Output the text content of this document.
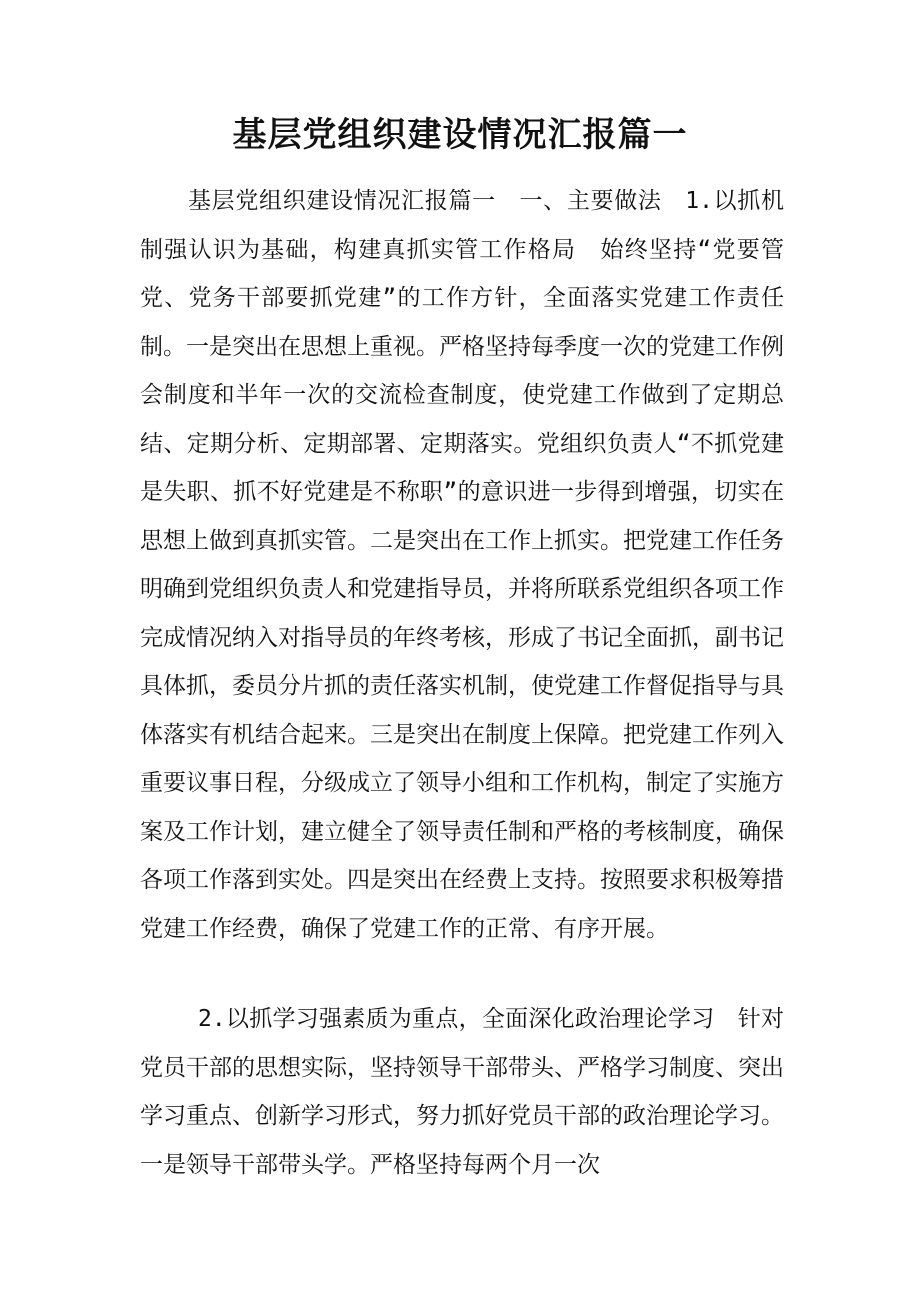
基层党组织建设情况汇报篇一

基层党组织建设情况汇报篇一　一、主要做法　1.以抓机制强认识为基础，构建真抓实管工作格局　始终坚持“党要管党、党务干部要抓党建”的工作方针，全面落实党建工作责任制。一是突出在思想上重视。严格坚持每季度一次的党建工作例会制度和半年一次的交流检查制度，使党建工作做到了定期总结、定期分析、定期部署、定期落实。党组织负责人“不抓党建是失职、抓不好党建是不称职”的意识进一步得到增强，切实在思想上做到真抓实管。二是突出在工作上抓实。把党建工作任务明确到党组织负责人和党建指导员，并将所联系党组织各项工作完成情况纳入对指导员的年终考核，形成了书记全面抓，副书记具体抓，委员分片抓的责任落实机制，使党建工作督促指导与具体落实有机结合起来。三是突出在制度上保障。把党建工作列入重要议事日程，分级成立了领导小组和工作机构，制定了实施方案及工作计划，建立健全了领导责任制和严格的考核制度，确保各项工作落到实处。四是突出在经费上支持。按照要求积极筹措党建工作经费，确保了党建工作的正常、有序开展。

2.以抓学习强素质为重点，全面深化政治理论学习　针对党员干部的思想实际，坚持领导干部带头、严格学习制度、突出学习重点、创新学习形式，努力抓好党员干部的政治理论学习。一是领导干部带头学。严格坚持每两个月一次
